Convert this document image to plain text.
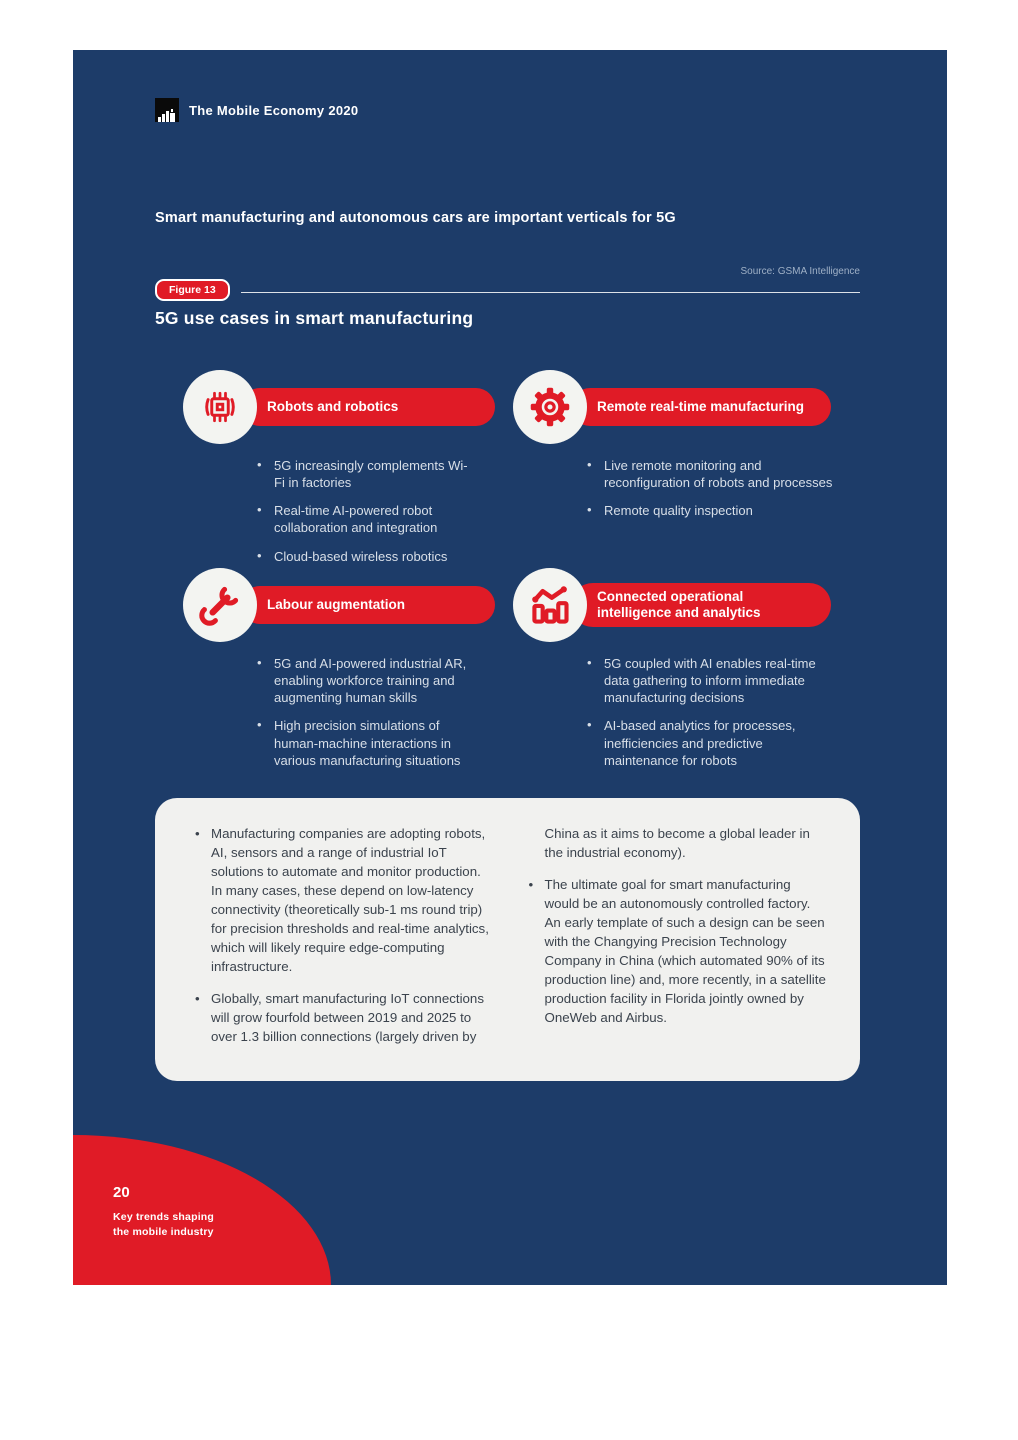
The Mobile Economy 2020
Smart manufacturing and autonomous cars are important verticals for 5G
Source: GSMA Intelligence
Figure 13
5G use cases in smart manufacturing
Robots and robotics
• 5G increasingly complements Wi-Fi in factories
• Real-time AI-powered robot collaboration and integration
• Cloud-based wireless robotics
Remote real-time manufacturing
• Live remote monitoring and reconfiguration of robots and processes
• Remote quality inspection
Labour augmentation
• 5G and AI-powered industrial AR, enabling workforce training and augmenting human skills
• High precision simulations of human-machine interactions in various manufacturing situations
Connected operational intelligence and analytics
• 5G coupled with AI enables real-time data gathering to inform immediate manufacturing decisions
• AI-based analytics for processes, inefficiencies and predictive maintenance for robots
• Manufacturing companies are adopting robots, AI, sensors and a range of industrial IoT solutions to automate and monitor production. In many cases, these depend on low-latency connectivity (theoretically sub-1 ms round trip) for precision thresholds and real-time analytics, which will likely require edge-computing infrastructure.
• Globally, smart manufacturing IoT connections will grow fourfold between 2019 and 2025 to over 1.3 billion connections (largely driven by
China as it aims to become a global leader in the industrial economy).
• The ultimate goal for smart manufacturing would be an autonomously controlled factory. An early template of such a design can be seen with the Changying Precision Technology Company in China (which automated 90% of its production line) and, more recently, in a satellite production facility in Florida jointly owned by OneWeb and Airbus.
20
Key trends shaping
the mobile industry
